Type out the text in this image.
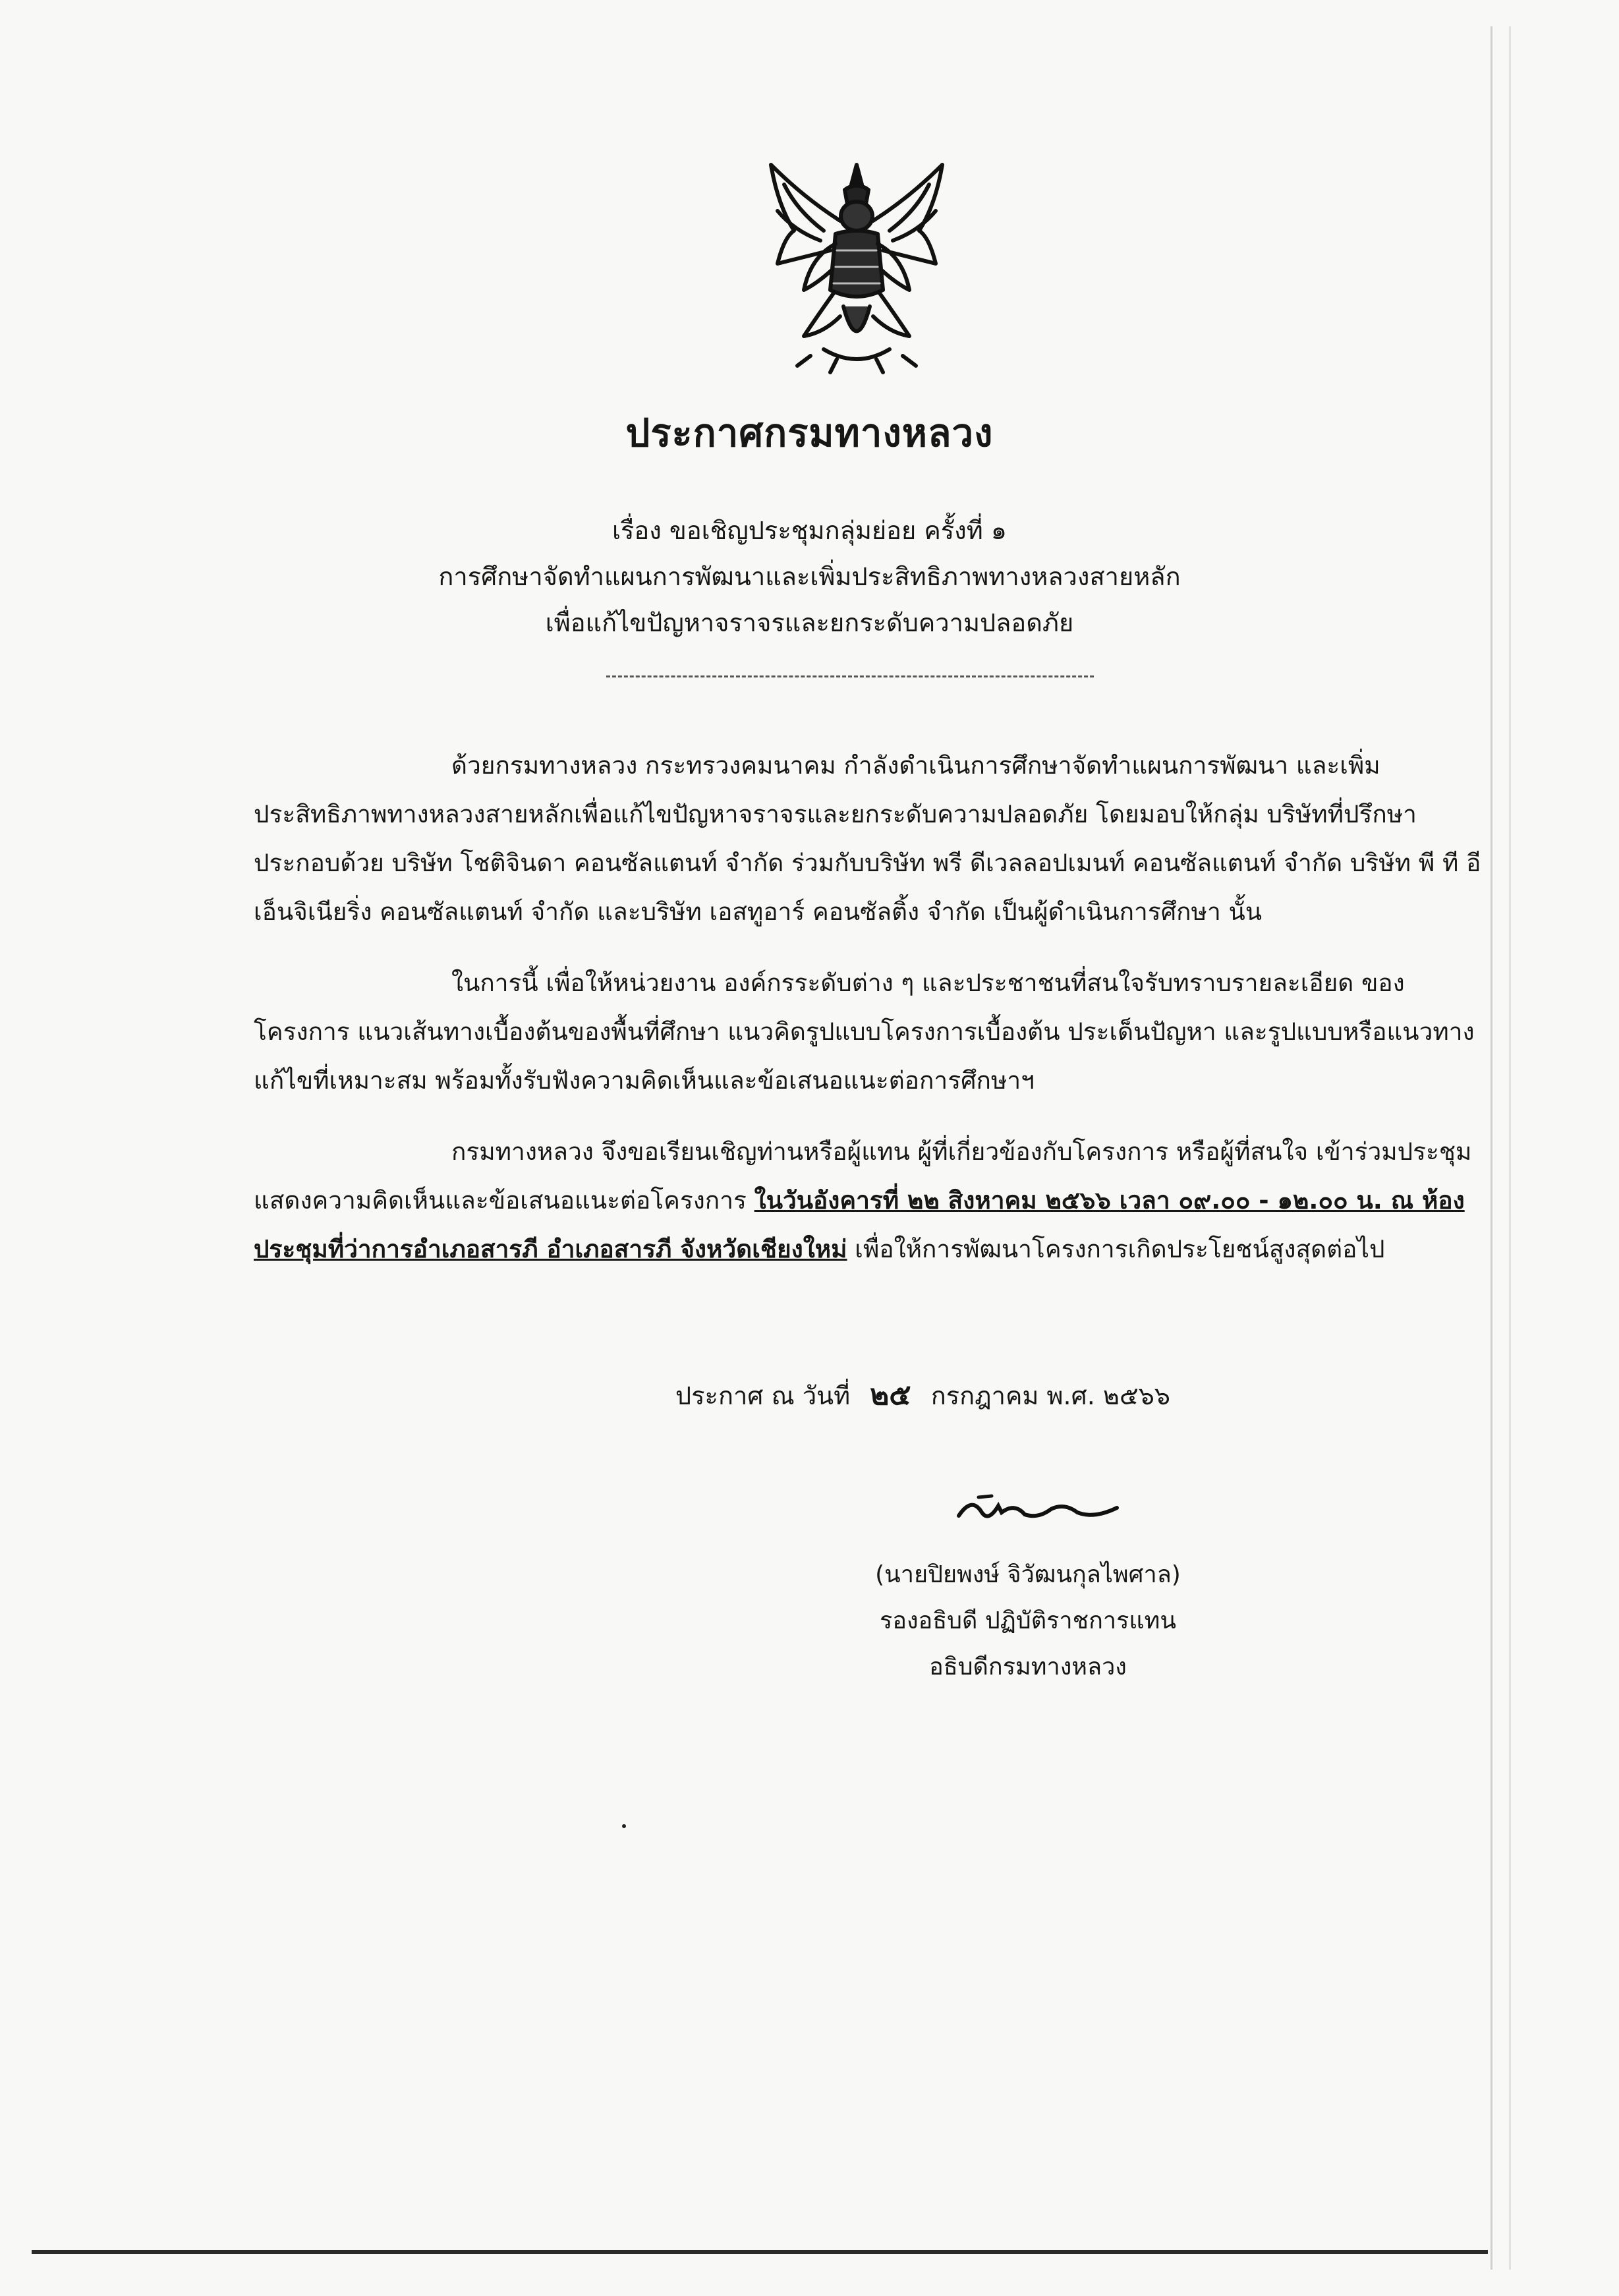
ประกาศกรมทางหลวง
เรื่อง ขอเชิญประชุมกลุ่มย่อย ครั้งที่ ๑
การศึกษาจัดทำแผนการพัฒนาและเพิ่มประสิทธิภาพทางหลวงสายหลัก
เพื่อแก้ไขปัญหาจราจรและยกระดับความปลอดภัย

ด้วยกรมทางหลวง กระทรวงคมนาคม กำลังดำเนินการศึกษาจัดทำแผนการพัฒนา และเพิ่มประสิทธิภาพทางหลวงสายหลักเพื่อแก้ไขปัญหาจราจรและยกระดับความปลอดภัย โดยมอบให้กลุ่ม บริษัทที่ปรึกษา ประกอบด้วย บริษัท โชติจินดา คอนซัลแตนท์ จำกัด ร่วมกับบริษัท พรี ดีเวลลอปเมนท์ คอนซัลแตนท์ จำกัด บริษัท พี ที อี เอ็นจิเนียริ่ง คอนซัลแตนท์ จำกัด และบริษัท เอสทูอาร์ คอนซัลติ้ง จำกัด เป็นผู้ดำเนินการศึกษา นั้น

ในการนี้ เพื่อให้หน่วยงาน องค์กรระดับต่าง ๆ และประชาชนที่สนใจรับทราบรายละเอียด ของโครงการ แนวเส้นทางเบื้องต้นของพื้นที่ศึกษา แนวคิดรูปแบบโครงการเบื้องต้น ประเด็นปัญหา และรูปแบบหรือแนวทางแก้ไขที่เหมาะสม พร้อมทั้งรับฟังความคิดเห็นและข้อเสนอแนะต่อการศึกษาฯ

กรมทางหลวง จึงขอเรียนเชิญท่านหรือผู้แทน ผู้ที่เกี่ยวข้องกับโครงการ หรือผู้ที่สนใจ เข้าร่วมประชุมแสดงความคิดเห็นและข้อเสนอแนะต่อโครงการ ในวันอังคารที่ ๒๒ สิงหาคม ๒๕๖๖ เวลา ๐๙.๐๐ - ๑๒.๐๐ น. ณ ห้องประชุมที่ว่าการอำเภอสารภี อำเภอสารภี จังหวัดเชียงใหม่ เพื่อให้การพัฒนาโครงการเกิดประโยชน์สูงสุดต่อไป

ประกาศ ณ วันที่ ๒๕ กรกฎาคม พ.ศ. ๒๕๖๖
(นายปิยพงษ์ จิวัฒนกุลไพศาล)
รองอธิบดี ปฏิบัติราชการแทน
อธิบดีกรมทางหลวง
